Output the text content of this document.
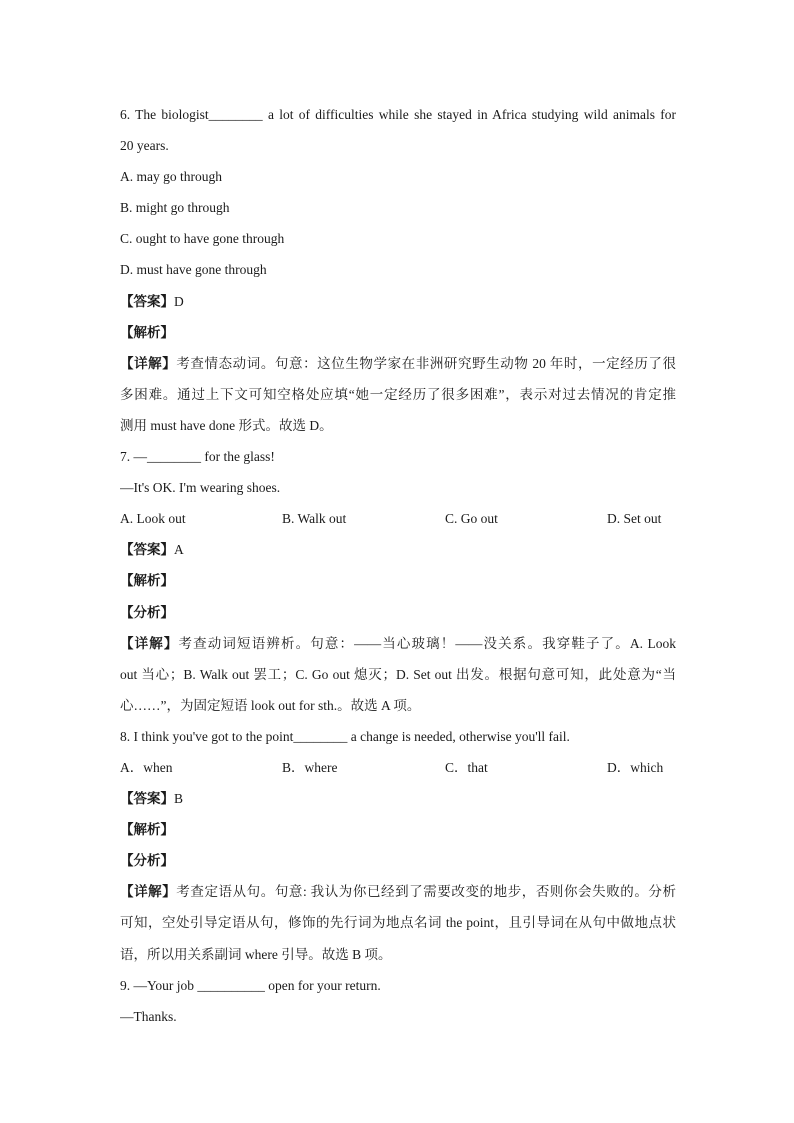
6. The biologist________ a lot of difficulties while she stayed in Africa studying wild animals for
20 years.
A. may go through
B. might go through
C. ought to have gone through
D. must have gone through
【答案】D
【解析】
【详解】考查情态动词。句意：这位生物学家在非洲研究野生动物 20 年时，一定经历了很
多困难。通过上下文可知空格处应填“她一定经历了很多困难”，表示对过去情况的肯定推
测用 must have done 形式。故选 D。
7. —________ for the glass!
—It's OK. I'm wearing shoes.
A. Look out	B. Walk out	C. Go out	D. Set out
【答案】A
【解析】
【分析】
【详解】考查动词短语辨析。句意：——当心玻璃！——没关系。我穿鞋子了。A. Look
out 当心；B. Walk out 罢工；C. Go out 熄灭；D. Set out 出发。根据句意可知，此处意为“当
心……”，为固定短语 look out for sth.。故选 A 项。
8. I think you've got to the point________ a change is needed, otherwise you'll fail.
A．when	B．where	C．that	D．which
【答案】B
【解析】
【分析】
【详解】考查定语从句。句意: 我认为你已经到了需要改变的地步，否则你会失败的。分析
可知，空处引导定语从句，修饰的先行词为地点名词 the point，且引导词在从句中做地点状
语，所以用关系副词 where 引导。故选 B 项。
9. —Your job __________ open for your return.
—Thanks.
